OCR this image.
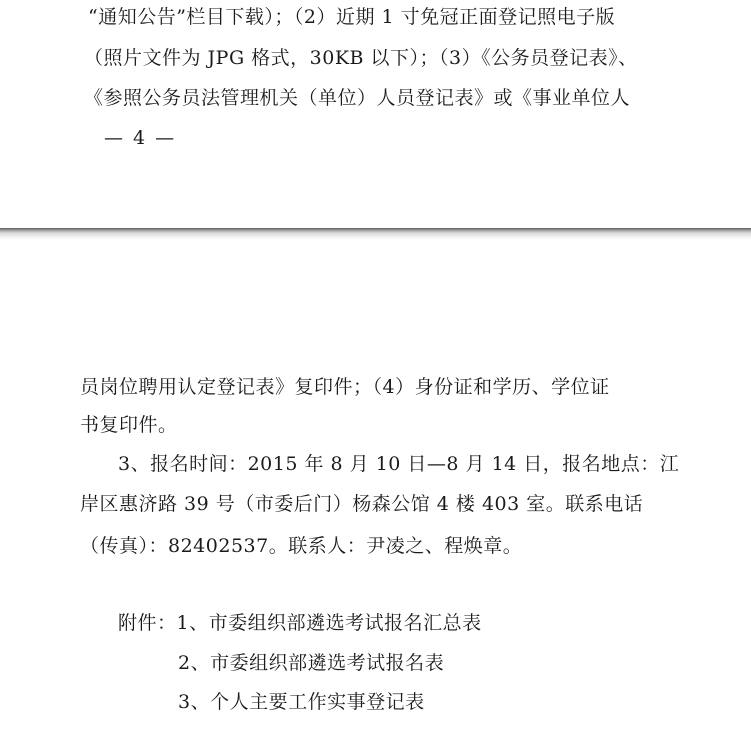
“通知公告”栏目下载）；（2）近期 1 寸免冠正面登记照电子版
（照片文件为 JPG 格式，30KB 以下）；（3）《公务员登记表》、
《参照公务员法管理机关（单位）人员登记表》或《事业单位人
— 4 —
员岗位聘用认定登记表》复印件；（4）身份证和学历、学位证
书复印件。
3、报名时间：2015 年 8 月 10 日—8 月 14 日，报名地点：江
岸区惠济路 39 号（市委后门）杨森公馆 4 楼 403 室。联系电话
（传真）：82402537。联系人：尹凌之、程焕章。
附件：1、市委组织部遴选考试报名汇总表
2、市委组织部遴选考试报名表
3、个人主要工作实事登记表
